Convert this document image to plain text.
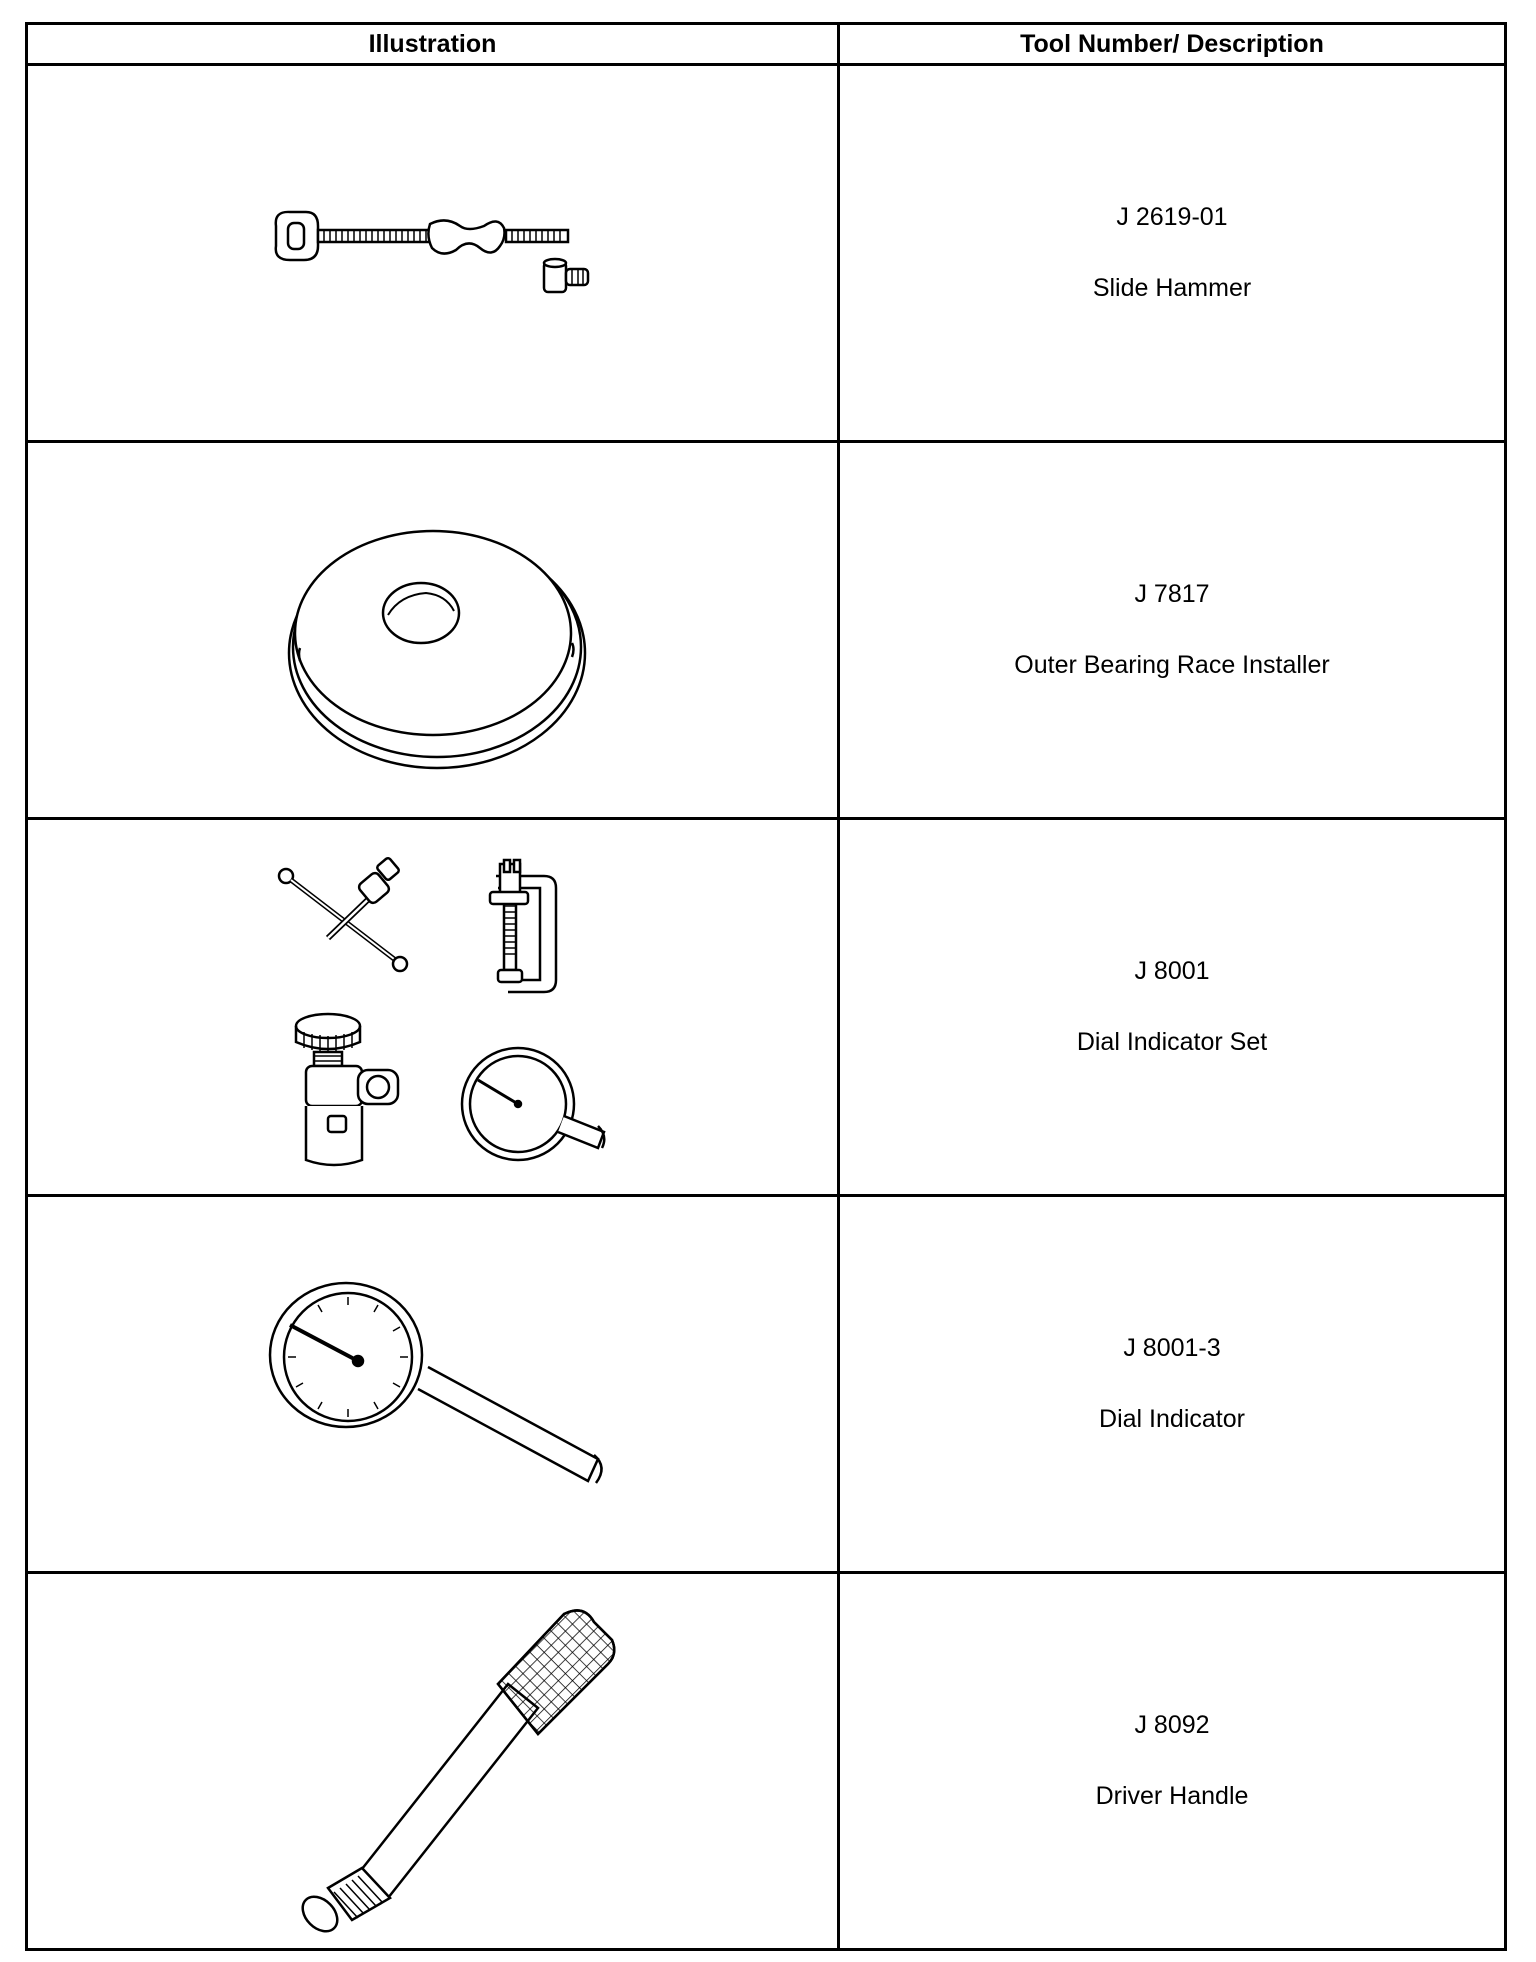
Illustration	Tool Number/ Description

J 2619-01
Slide Hammer

J 7817
Outer Bearing Race Installer

J 8001
Dial Indicator Set

J 8001-3
Dial Indicator

J 8092
Driver Handle
